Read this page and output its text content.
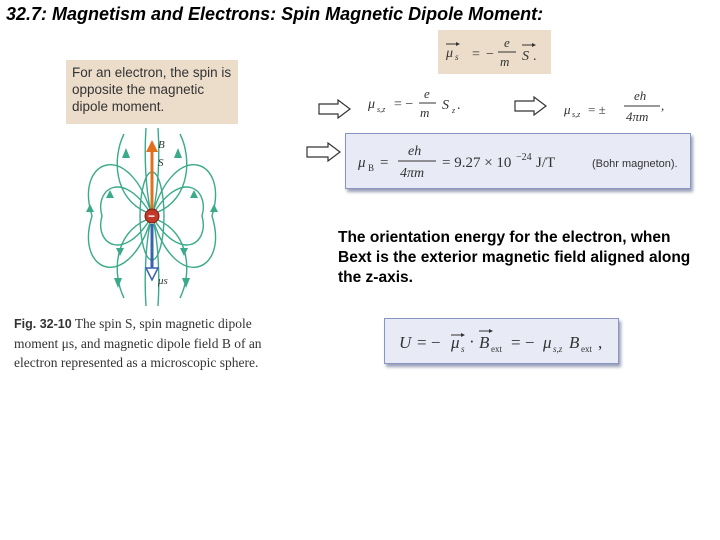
32.7: Magnetism and Electrons: Spin Magnetic Dipole Moment:
For an electron, the spin is opposite the magnetic dipole moment.
μ s = −
e
m S .
μ s,z = −
e
m S z .	μ s,z = ±
eh
4πm
,
μ B =
eh
4πm
= 9.27 × 10 −24 J/T	(Bohr magneton).
The orientation energy for the electron, when Bext is the exterior magnetic field aligned along the z-axis.
U = − μ s · B ext = − μ s,z B ext ,
−
B
S
μs
Fig. 32-10 The spin S, spin magnetic dipole moment μs, and magnetic dipole field B of an electron represented as a microscopic sphere.
